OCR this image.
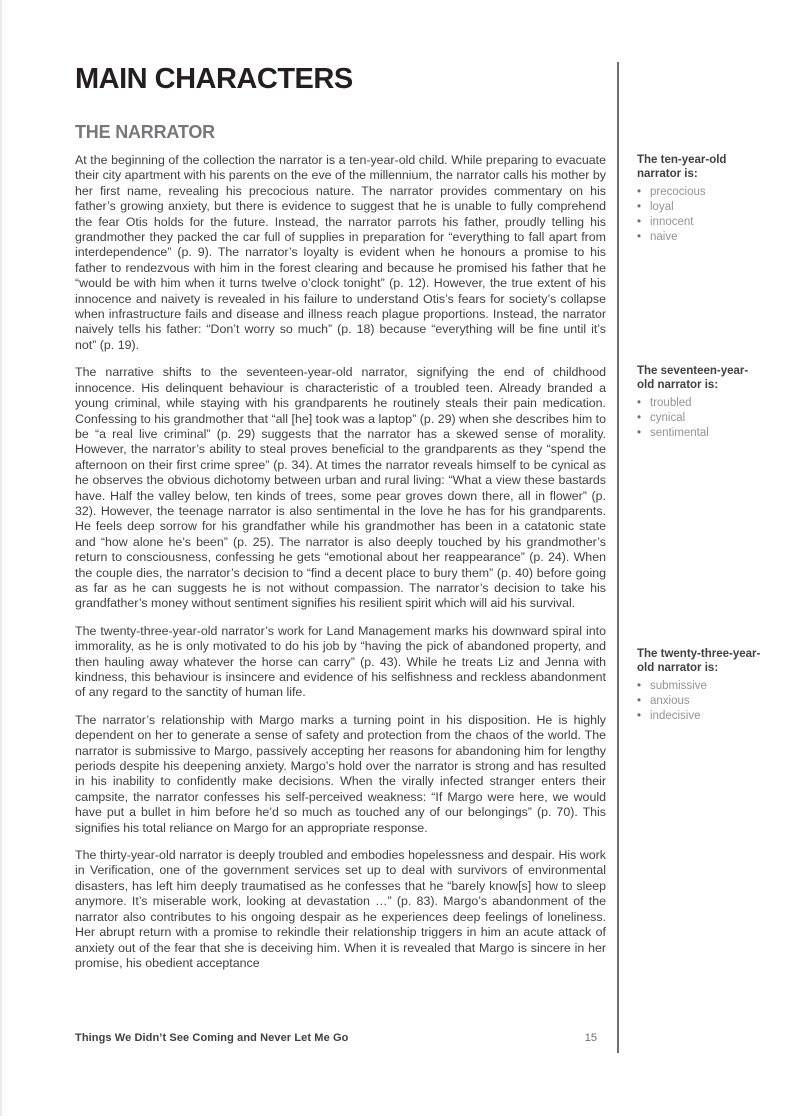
MAIN CHARACTERS
THE NARRATOR

At the beginning of the collection the narrator is a ten-year-old child. While preparing to evacuate their city apartment with his parents on the eve of the millennium, the narrator calls his mother by her first name, revealing his precocious nature. The narrator provides commentary on his father’s growing anxiety, but there is evidence to suggest that he is unable to fully comprehend the fear Otis holds for the future. Instead, the narrator parrots his father, proudly telling his grandmother they packed the car full of supplies in preparation for “everything to fall apart from interdependence” (p. 9). The narrator’s loyalty is evident when he honours a promise to his father to rendezvous with him in the forest clearing and because he promised his father that he “would be with him when it turns twelve o’clock tonight” (p. 12). However, the true extent of his innocence and naivety is revealed in his failure to understand Otis’s fears for society’s collapse when infrastructure fails and disease and illness reach plague proportions. Instead, the narrator naively tells his father: “Don’t worry so much” (p. 18) because “everything will be fine until it’s not” (p. 19).

The narrative shifts to the seventeen-year-old narrator, signifying the end of childhood innocence. His delinquent behaviour is characteristic of a troubled teen. Already branded a young criminal, while staying with his grandparents he routinely steals their pain medication. Confessing to his grandmother that “all [he] took was a laptop” (p. 29) when she describes him to be “a real live criminal” (p. 29) suggests that the narrator has a skewed sense of morality. However, the narrator’s ability to steal proves beneficial to the grandparents as they “spend the afternoon on their first crime spree” (p. 34). At times the narrator reveals himself to be cynical as he observes the obvious dichotomy between urban and rural living: “What a view these bastards have. Half the valley below, ten kinds of trees, some pear groves down there, all in flower” (p. 32). However, the teenage narrator is also sentimental in the love he has for his grandparents. He feels deep sorrow for his grandfather while his grandmother has been in a catatonic state and “how alone he’s been” (p. 25). The narrator is also deeply touched by his grandmother’s return to consciousness, confessing he gets “emotional about her reappearance” (p. 24). When the couple dies, the narrator’s decision to “find a decent place to bury them” (p. 40) before going as far as he can suggests he is not without compassion. The narrator’s decision to take his grandfather’s money without sentiment signifies his resilient spirit which will aid his survival.

The twenty-three-year-old narrator’s work for Land Management marks his downward spiral into immorality, as he is only motivated to do his job by “having the pick of abandoned property, and then hauling away whatever the horse can carry” (p. 43). While he treats Liz and Jenna with kindness, this behaviour is insincere and evidence of his selfishness and reckless abandonment of any regard to the sanctity of human life.

The narrator’s relationship with Margo marks a turning point in his disposition. He is highly dependent on her to generate a sense of safety and protection from the chaos of the world. The narrator is submissive to Margo, passively accepting her reasons for abandoning him for lengthy periods despite his deepening anxiety. Margo’s hold over the narrator is strong and has resulted in his inability to confidently make decisions. When the virally infected stranger enters their campsite, the narrator confesses his self-perceived weakness: “If Margo were here, we would have put a bullet in him before he’d so much as touched any of our belongings” (p. 70). This signifies his total reliance on Margo for an appropriate response.

The thirty-year-old narrator is deeply troubled and embodies hopelessness and despair. His work in Verification, one of the government services set up to deal with survivors of environmental disasters, has left him deeply traumatised as he confesses that he “barely know[s] how to sleep anymore. It’s miserable work, looking at devastation …” (p. 83). Margo’s abandonment of the narrator also contributes to his ongoing despair as he experiences deep feelings of loneliness. Her abrupt return with a promise to rekindle their relationship triggers in him an acute attack of anxiety out of the fear that she is deceiving him. When it is revealed that Margo is sincere in her promise, his obedient acceptance

The ten-year-old narrator is:
• precocious
• loyal
• innocent
• naive
The seventeen-year-old narrator is:
• troubled
• cynical
• sentimental
The twenty-three-year-old narrator is:
• submissive
• anxious
• indecisive
Things We Didn’t See Coming and Never Let Me Go	15
